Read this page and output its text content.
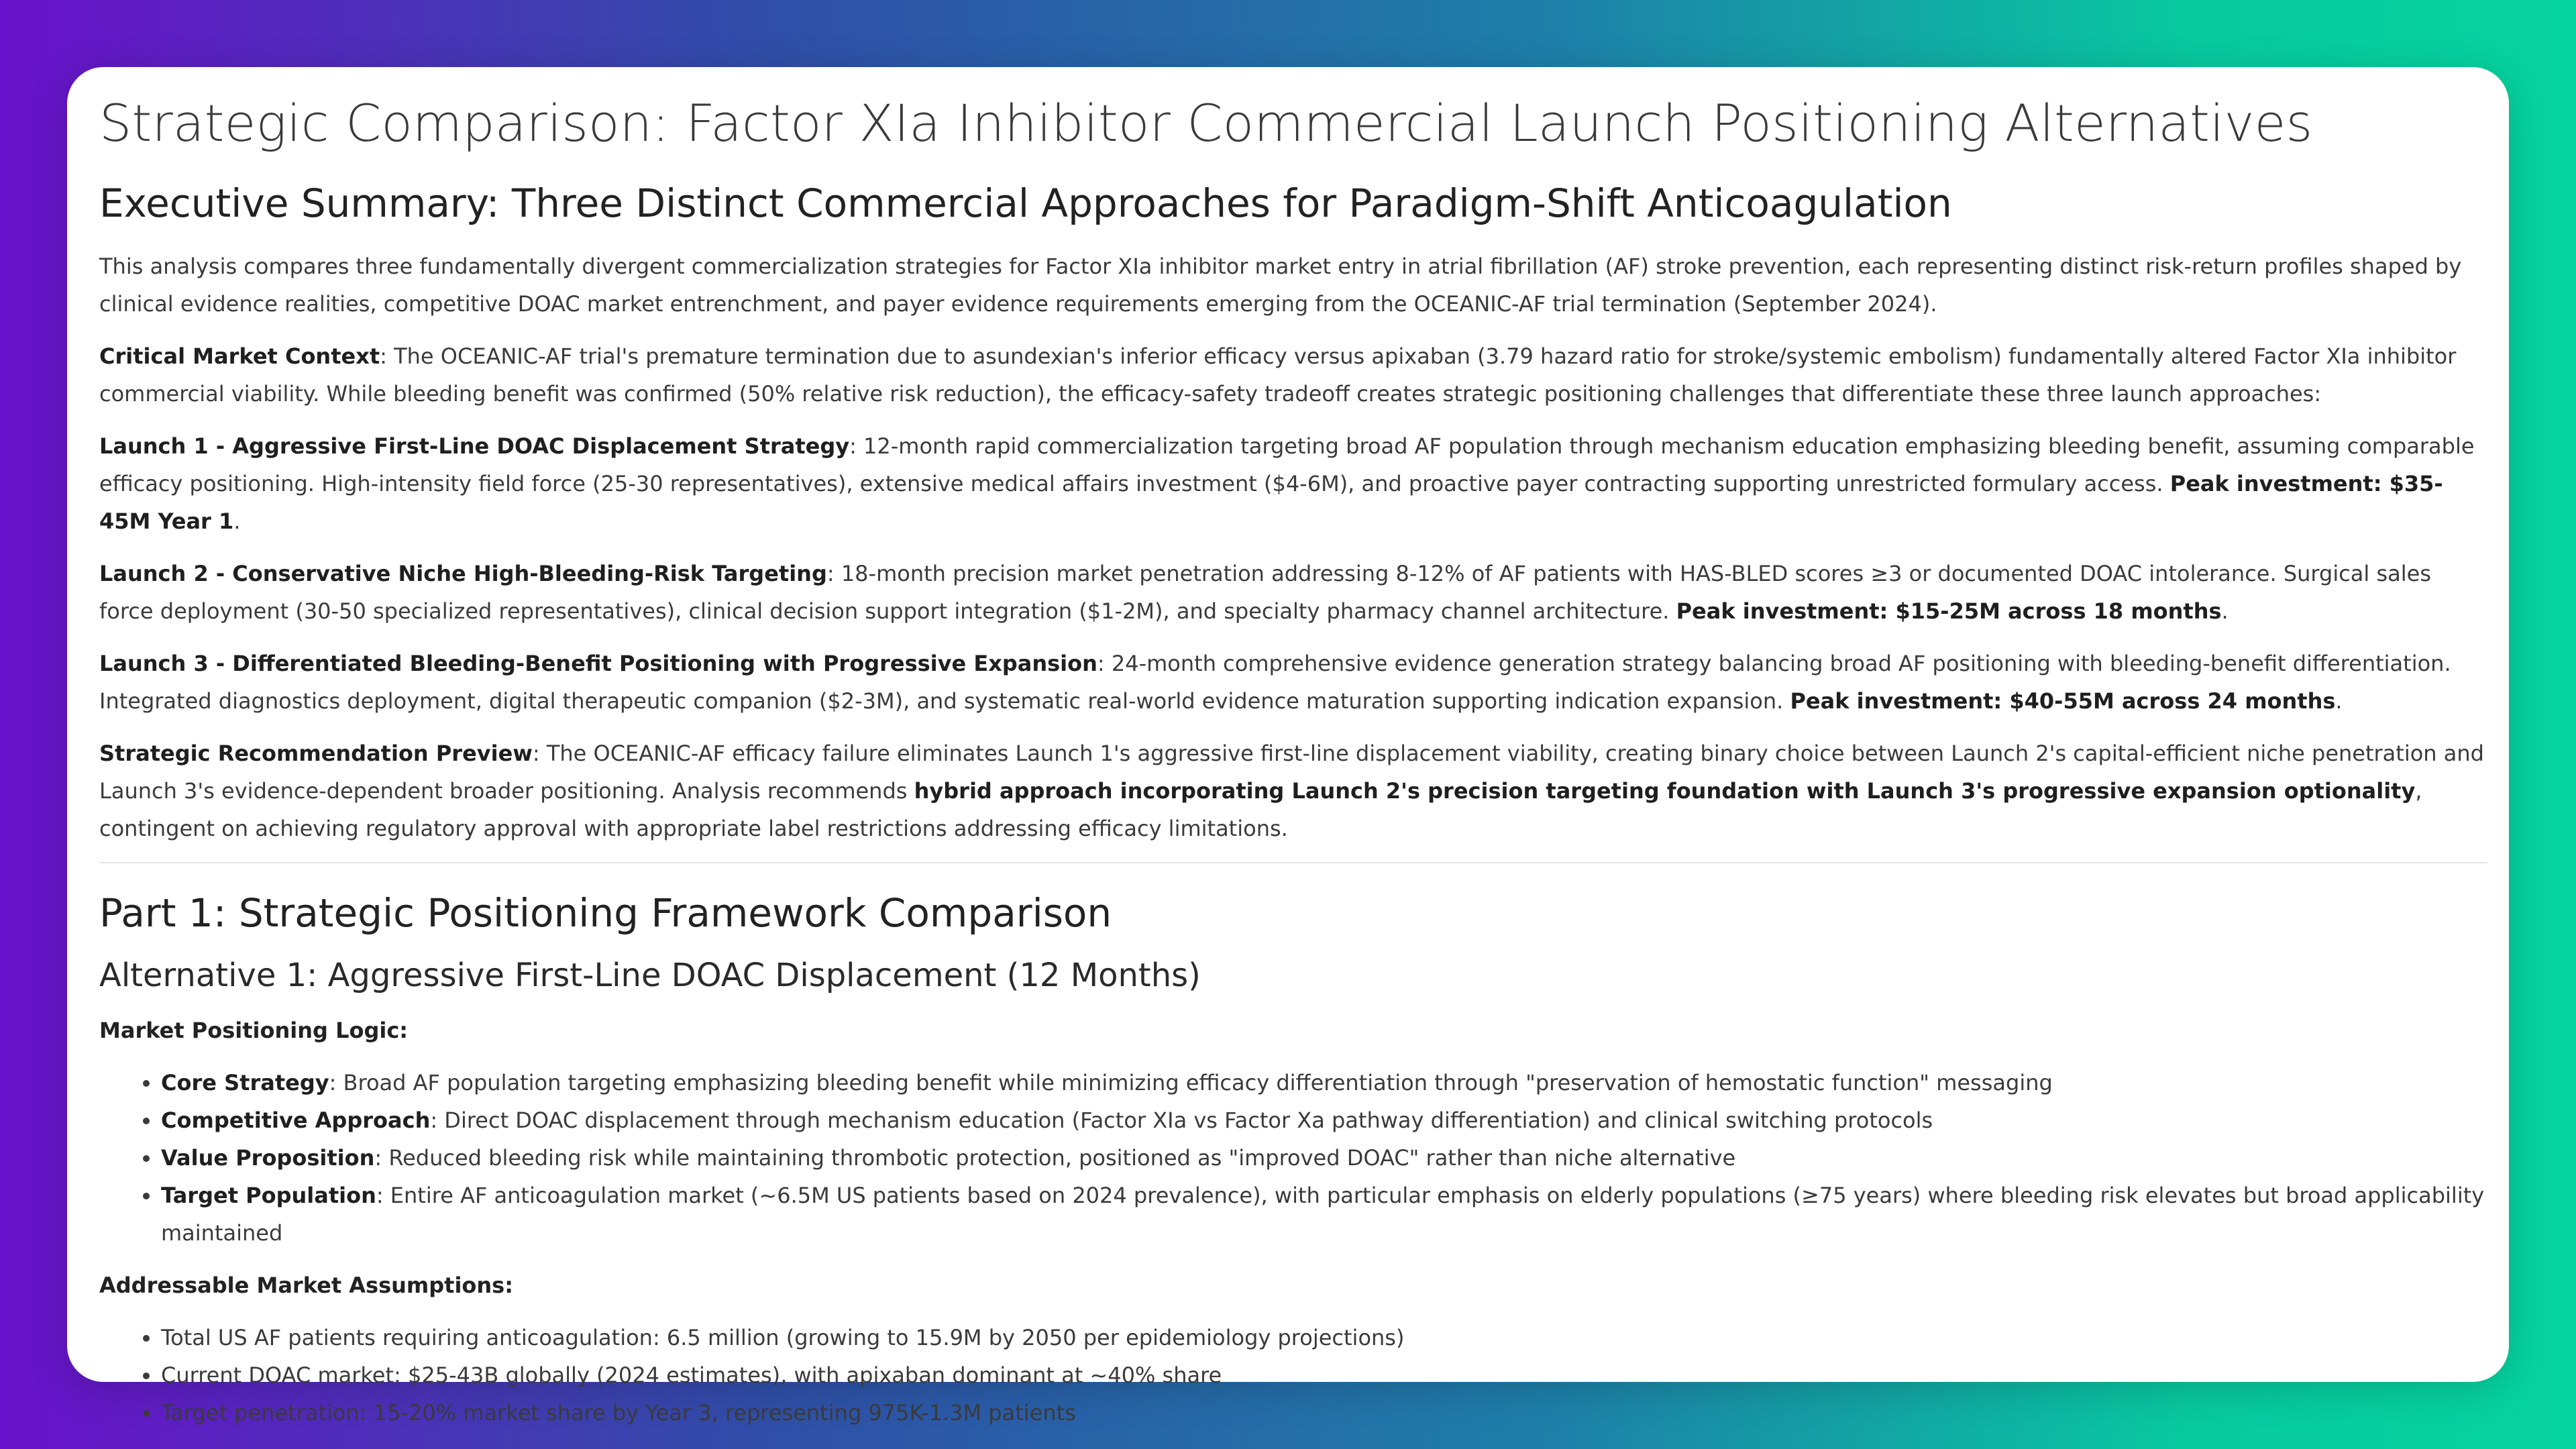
Strategic Comparison: Factor XIa Inhibitor Commercial Launch Positioning Alternatives
Executive Summary: Three Distinct Commercial Approaches for Paradigm-Shift Anticoagulation

This analysis compares three fundamentally divergent commercialization strategies for Factor XIa inhibitor market entry in atrial fibrillation (AF) stroke prevention, each representing distinct risk-return profiles shaped by clinical evidence realities, competitive DOAC market entrenchment, and payer evidence requirements emerging from the OCEANIC-AF trial termination (September 2024).

Critical Market Context: The OCEANIC-AF trial's premature termination due to asundexian's inferior efficacy versus apixaban (3.79 hazard ratio for stroke/systemic embolism) fundamentally altered Factor XIa inhibitor commercial viability. While bleeding benefit was confirmed (50% relative risk reduction), the efficacy-safety tradeoff creates strategic positioning challenges that differentiate these three launch approaches:

Launch 1 - Aggressive First-Line DOAC Displacement Strategy: 12-month rapid commercialization targeting broad AF population through mechanism education emphasizing bleeding benefit, assuming comparable efficacy positioning. High-intensity field force (25-30 representatives), extensive medical affairs investment ($4-6M), and proactive payer contracting supporting unrestricted formulary access. Peak investment: $35-45M Year 1.

Launch 2 - Conservative Niche High-Bleeding-Risk Targeting: 18-month precision market penetration addressing 8-12% of AF patients with HAS-BLED scores ≥3 or documented DOAC intolerance. Surgical sales force deployment (30-50 specialized representatives), clinical decision support integration ($1-2M), and specialty pharmacy channel architecture. Peak investment: $15-25M across 18 months.

Launch 3 - Differentiated Bleeding-Benefit Positioning with Progressive Expansion: 24-month comprehensive evidence generation strategy balancing broad AF positioning with bleeding-benefit differentiation. Integrated diagnostics deployment, digital therapeutic companion ($2-3M), and systematic real-world evidence maturation supporting indication expansion. Peak investment: $40-55M across 24 months.

Strategic Recommendation Preview: The OCEANIC-AF efficacy failure eliminates Launch 1's aggressive first-line displacement viability, creating binary choice between Launch 2's capital-efficient niche penetration and Launch 3's evidence-dependent broader positioning. Analysis recommends hybrid approach incorporating Launch 2's precision targeting foundation with Launch 3's progressive expansion optionality, contingent on achieving regulatory approval with appropriate label restrictions addressing efficacy limitations.

Part 1: Strategic Positioning Framework Comparison
Alternative 1: Aggressive First-Line DOAC Displacement (12 Months)

Market Positioning Logic:

• Core Strategy: Broad AF population targeting emphasizing bleeding benefit while minimizing efficacy differentiation through "preservation of hemostatic function" messaging
• Competitive Approach: Direct DOAC displacement through mechanism education (Factor XIa vs Factor Xa pathway differentiation) and clinical switching protocols
• Value Proposition: Reduced bleeding risk while maintaining thrombotic protection, positioned as "improved DOAC" rather than niche alternative
• Target Population: Entire AF anticoagulation market (~6.5M US patients based on 2024 prevalence), with particular emphasis on elderly populations (≥75 years) where bleeding risk elevates but broad applicability maintained

Addressable Market Assumptions:

• Total US AF patients requiring anticoagulation: 6.5 million (growing to 15.9M by 2050 per epidemiology projections)
• Current DOAC market: $25-43B globally (2024 estimates), with apixaban dominant at ~40% share
• Target penetration: 15-20% market share by Year 3, representing 975K-1.3M patients
